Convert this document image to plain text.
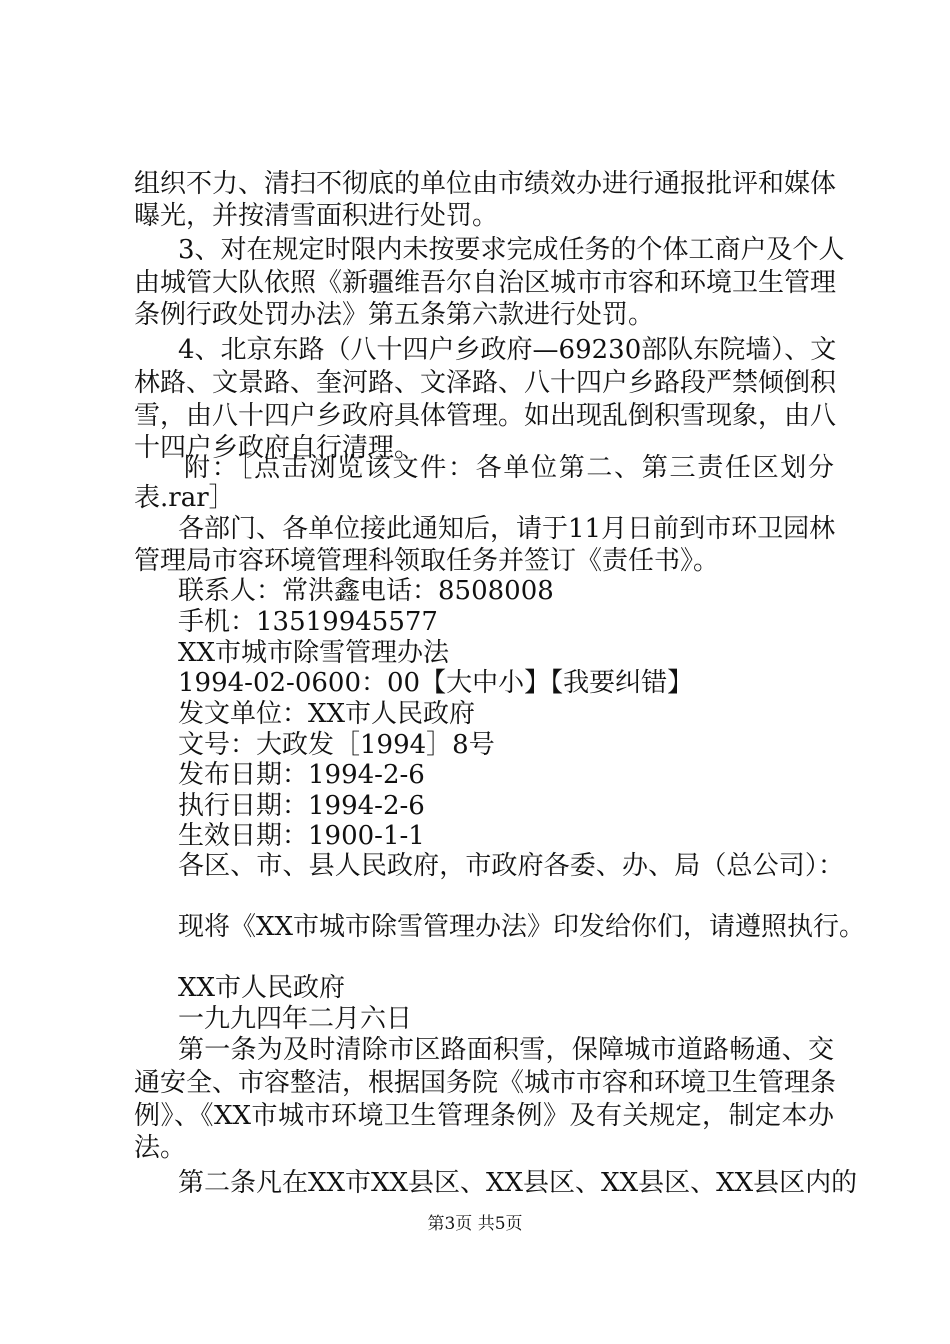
组织不力、清扫不彻底的单位由市绩效办进行通报批评和媒体
曝光，并按清雪面积进行处罚。
3、对在规定时限内未按要求完成任务的个体工商户及个人
由城管大队依照《新疆维吾尔自治区城市市容和环境卫生管理
条例行政处罚办法》第五条第六款进行处罚。
4、北京东路（八十四户乡政府—69230部队东院墙）、文
林路、文景路、奎河路、文泽路、八十四户乡路段严禁倾倒积
雪，由八十四户乡政府具体管理。如出现乱倒积雪现象，由八
十四户乡政府自行清理。
附：［点击浏览该文件：各单位第二、第三责任区划分
表.rar］
各部门、各单位接此通知后，请于11月日前到市环卫园林
管理局市容环境管理科领取任务并签订《责任书》。
联系人：常洪鑫电话：8508008
手机：13519945577
XX市城市除雪管理办法
1994-02-0600：00【大中小】【我要纠错】
发文单位：XX市人民政府
文号：大政发［1994］8号
发布日期：1994-2-6
执行日期：1994-2-6
生效日期：1900-1-1
各区、市、县人民政府，市政府各委、办、局（总公司）：
现将《XX市城市除雪管理办法》印发给你们，请遵照执行。
XX市人民政府
一九九四年二月六日
第一条为及时清除市区路面积雪，保障城市道路畅通、交
通安全、市容整洁，根据国务院《城市市容和环境卫生管理条
例》、《XX市城市环境卫生管理条例》及有关规定，制定本办
法。
第二条凡在XX市XX县区、XX县区、XX县区、XX县区内的
第3页 共5页
